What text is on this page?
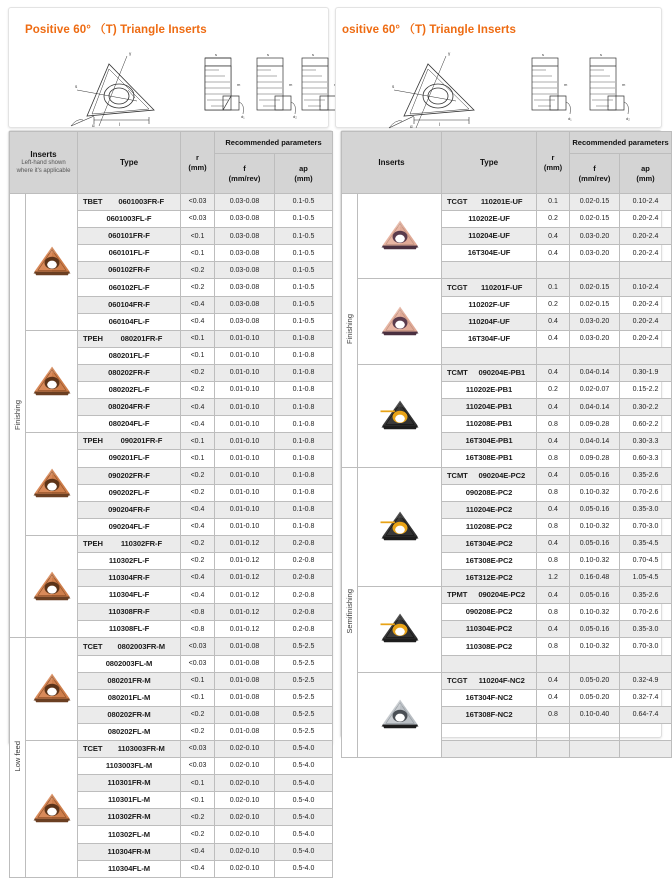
Positive 60° （T) Triangle Inserts
α	l
γ
s
s
d₁
s
d₂
s
m	m
ositive 60° （T) Triangle Inserts
α	l
γ
s
s
d₁
s
d₂
m	m
Inserts
Left-hand shown where it's applicable
	Type	r
(mm)
	Recommended parameters

f
(mm/rev)

ap
(mm)

Finishing		TBET 0601003FR-F	<0.03	0.03-0.08	0.1-0.5
		0601003FL-F	<0.03	0.03-0.08	0.1-0.5
		060101FR-F	<0.1	0.03-0.08	0.1-0.5
		060101FL-F	<0.1	0.03-0.08	0.1-0.5
		060102FR-F	<0.2	0.03-0.08	0.1-0.5
		060102FL-F	<0.2	0.03-0.08	0.1-0.5
		060104FR-F	<0.4	0.03-0.08	0.1-0.5
		060104FL-F	<0.4	0.03-0.08	0.1-0.5

TPEH 080201FR-F	<0.1	0.01-0.10	0.1-0.8
		080201FL-F	<0.1	0.01-0.10	0.1-0.8
		080202FR-F	<0.2	0.01-0.10	0.1-0.8
		080202FL-F	<0.2	0.01-0.10	0.1-0.8
		080204FR-F	<0.4	0.01-0.10	0.1-0.8
		080204FL-F	<0.4	0.01-0.10	0.1-0.8

TPEH 090201FR-F	<0.1	0.01-0.10	0.1-0.8
		090201FL-F	<0.1	0.01-0.10	0.1-0.8
		090202FR-F	<0.2	0.01-0.10	0.1-0.8
		090202FL-F	<0.2	0.01-0.10	0.1-0.8
		090204FR-F	<0.4	0.01-0.10	0.1-0.8
		090204FL-F	<0.4	0.01-0.10	0.1-0.8

TPEH 110302FR-F	<0.2	0.01-0.12	0.2-0.8
		110302FL-F	<0.2	0.01-0.12	0.2-0.8
		110304FR-F	<0.4	0.01-0.12	0.2-0.8
		110304FL-F	<0.4	0.01-0.12	0.2-0.8
		110308FR-F	<0.8	0.01-0.12	0.2-0.8
		110308FL-F	<0.8	0.01-0.12	0.2-0.8
Low feed		TCET 0802003FR-M	<0.03	0.01-0.08	0.5-2.5
		0802003FL-M	<0.03	0.01-0.08	0.5-2.5
		080201FR-M	<0.1	0.01-0.08	0.5-2.5
		080201FL-M	<0.1	0.01-0.08	0.5-2.5
		080202FR-M	<0.2	0.01-0.08	0.5-2.5
		080202FL-M	<0.2	0.01-0.08	0.5-2.5

TCET 1103003FR-M	<0.03	0.02-0.10	0.5-4.0
		1103003FL-M	<0.03	0.02-0.10	0.5-4.0
		110301FR-M	<0.1	0.02-0.10	0.5-4.0
		110301FL-M	<0.1	0.02-0.10	0.5-4.0
		110302FR-M	<0.2	0.02-0.10	0.5-4.0
		110302FL-M	<0.2	0.02-0.10	0.5-4.0
		110304FR-M	<0.4	0.02-0.10	0.5-4.0
		110304FL-M	<0.4	0.02-0.10	0.5-4.0
Inserts		Type	r
(mm)	Recommended parameters	

f
(mm/rev)

ap
(mm)

Finishing		TCGT 110201E-UF	0.1	0.02-0.15	0.10-2.4
		110202E-UF	0.2	0.02-0.15	0.20-2.4
		110204E-UF	0.4	0.03-0.20	0.20-2.4
		16T304E-UF	0.4	0.03-0.20	0.20-2.4

TCGT 110201F-UF	0.1	0.02-0.15	0.10-2.4
		110202F-UF	0.2	0.02-0.15	0.20-2.4
		110204F-UF	0.4	0.03-0.20	0.20-2.4
		16T304F-UF	0.4	0.03-0.20	0.20-2.4

TCMT 090204E-PB1	0.4	0.04-0.14	0.30-1.9
		110202E-PB1	0.2	0.02-0.07	0.15-2.2
		110204E-PB1	0.4	0.04-0.14	0.30-2.2
		110208E-PB1	0.8	0.09-0.28	0.60-2.2
		16T304E-PB1	0.4	0.04-0.14	0.30-3.3
		16T308E-PB1	0.8	0.09-0.28	0.60-3.3
Semifinishing		TCMT 090204E-PC2	0.4	0.05-0.16	0.35-2.6
		090208E-PC2	0.8	0.10-0.32	0.70-2.6
		110204E-PC2	0.4	0.05-0.16	0.35-3.0
		110208E-PC2	0.8	0.10-0.32	0.70-3.0
		16T304E-PC2	0.4	0.05-0.16	0.35-4.5
		16T308E-PC2	0.8	0.10-0.32	0.70-4.5
		16T312E-PC2	1.2	0.16-0.48	1.05-4.5

TPMT 090204E-PC2	0.4	0.05-0.16	0.35-2.6
		090208E-PC2	0.8	0.10-0.32	0.70-2.6
		110304E-PC2	0.4	0.05-0.16	0.35-3.0
		110308E-PC2	0.8	0.10-0.32	0.70-3.0

TCGT 110204F-NC2	0.4	0.05-0.20	0.32-4.9
		16T304F-NC2	0.4	0.05-0.20	0.32-7.4
		16T308F-NC2	0.8	0.10-0.40	0.64-7.4
